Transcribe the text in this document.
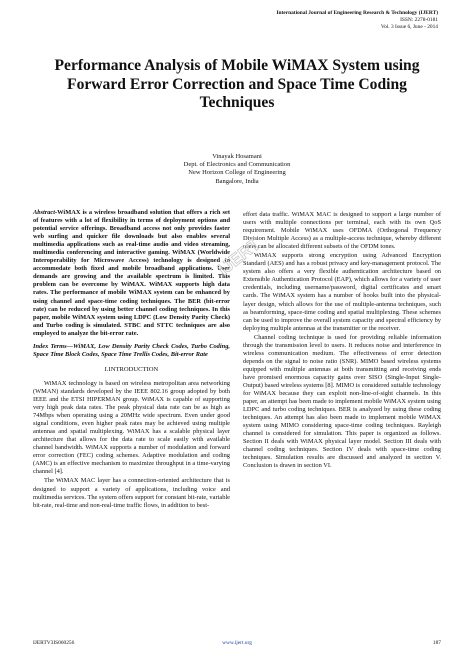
International Journal of Engineering Research & Technology (IJERT)
ISSN: 2278-0181
Vol. 3 Issue 6, June - 2014
Performance Analysis of Mobile WiMAX System using Forward Error Correction and Space Time Coding Techniques
Vinayak Hosamani
Dept. of Electronics and Communication
New Horizon College of Engineering
Bangalore, India

Abstract-WiMAX is a wireless broadband solution that offers a rich set of features with a lot of flexibility in terms of deployment options and potential service offerings. Broadband access not only provides faster web surfing and quicker file downloads but also enables several multimedia applications such as real-time audio and video streaming, multimedia conferencing and interactive gaming. WiMAX (Worldwide Interoperability for Microwave Access) technology is designed to accommodate both fixed and mobile broadband applications. User demands are growing and the available spectrum is limited. This problem can be overcome by WiMAX. WiMAX supports high data rates. The performance of mobile WiMAX system can be enhanced by using channel and space-time coding techniques. The BER (bit-error rate) can be reduced by using better channel coding techniques. In this paper, mobile WiMAX system using LDPC (Low Density Parity Check) and Turbo coding is simulated. STBC and STTC techniques are also employed to analyze the bit-error rate.

Index Terms—WiMAX, Low Density Parity Check Codes, Turbo Coding, Space Time Block Codes, Space Time Trellis Codes, Bit-error Rate

I.INTRODUCTION

WiMAX technology is based on wireless metropolitan area networking (WMAN) standards developed by the IEEE 802.16 group adopted by both IEEE and the ETSI HIPERMAN group. WiMAX is capable of supporting very high peak data rates. The peak physical data rate can be as high as 74Mbps when operating using a 20MHz wide spectrum. Even under good signal conditions, even higher peak rates may be achieved using multiple antennas and spatial multiplexing. WiMAX has a scalable physical layer architecture that allows for the data rate to scale easily with available channel bandwidth. WiMAX supports a number of modulation and forward error correction (FEC) coding schemes. Adaptive modulation and coding (AMC) is an effective mechanism to maximize throughput in a time-varying channel [4].

The WiMAX MAC layer has a connection-oriented architecture that is designed to support a variety of applications, including voice and multimedia services. The system offers support for constant bit-rate, variable bit-rate, real-time and non-real-time traffic flows, in addition to best-

effort data traffic. WiMAX MAC is designed to support a large number of users with multiple connections per terminal, each with its own QoS requirement. Mobile WiMAX uses OFDMA (Orthogonal Frequency Division Multiple Access) as a multiple-access technique, whereby different users can be allocated different subsets of the OFDM tones.

WiMAX supports strong encryption using Advanced Encryption Standard (AES) and has a robust privacy and key-management protocol. The system also offers a very flexible authentication architecture based on Extensible Authentication Protocol (EAP), which allows for a variety of user credentials, including username/password, digital certificates and smart cards. The WiMAX system has a number of hooks built into the physical-layer design, which allows for the use of multiple-antenna techniques, such as beamforming, space-time coding and spatial multiplexing. These schemes can be used to improve the overall system capacity and spectral efficiency by deploying multiple antennas at the transmitter or the receiver.

Channel coding technique is used for providing reliable information through the transmission level to users. It reduces noise and interference in wireless communication medium. The effectiveness of error detection depends on the signal to noise ratio (SNR). MIMO based wireless systems equipped with multiple antennas at both transmitting and receiving ends have promised enormous capacity gains over SISO (Single-Input Single-Output) based wireless systems [8]. MIMO is considered suitable technology for WiMAX because they can exploit non-line-of-sight channels. In this paper, an attempt has been made to implement mobile WiMAX system using LDPC and turbo coding techniques. BER is analyzed by using these coding techniques. An attempt has also been made to implement mobile WiMAX system using MIMO considering space-time coding techniques. Rayleigh channel is considered for simulation. This paper is organized as follows. Section II deals with WiMAX physical layer model. Section III deals with channel coding techniques. Section IV deals with space-time coding techniques. Simulation results are discussed and analyzed in section V. Conclusion is drawn in section VI.

IJERT
IJERTV3IS060256	www.ijert.org	187
